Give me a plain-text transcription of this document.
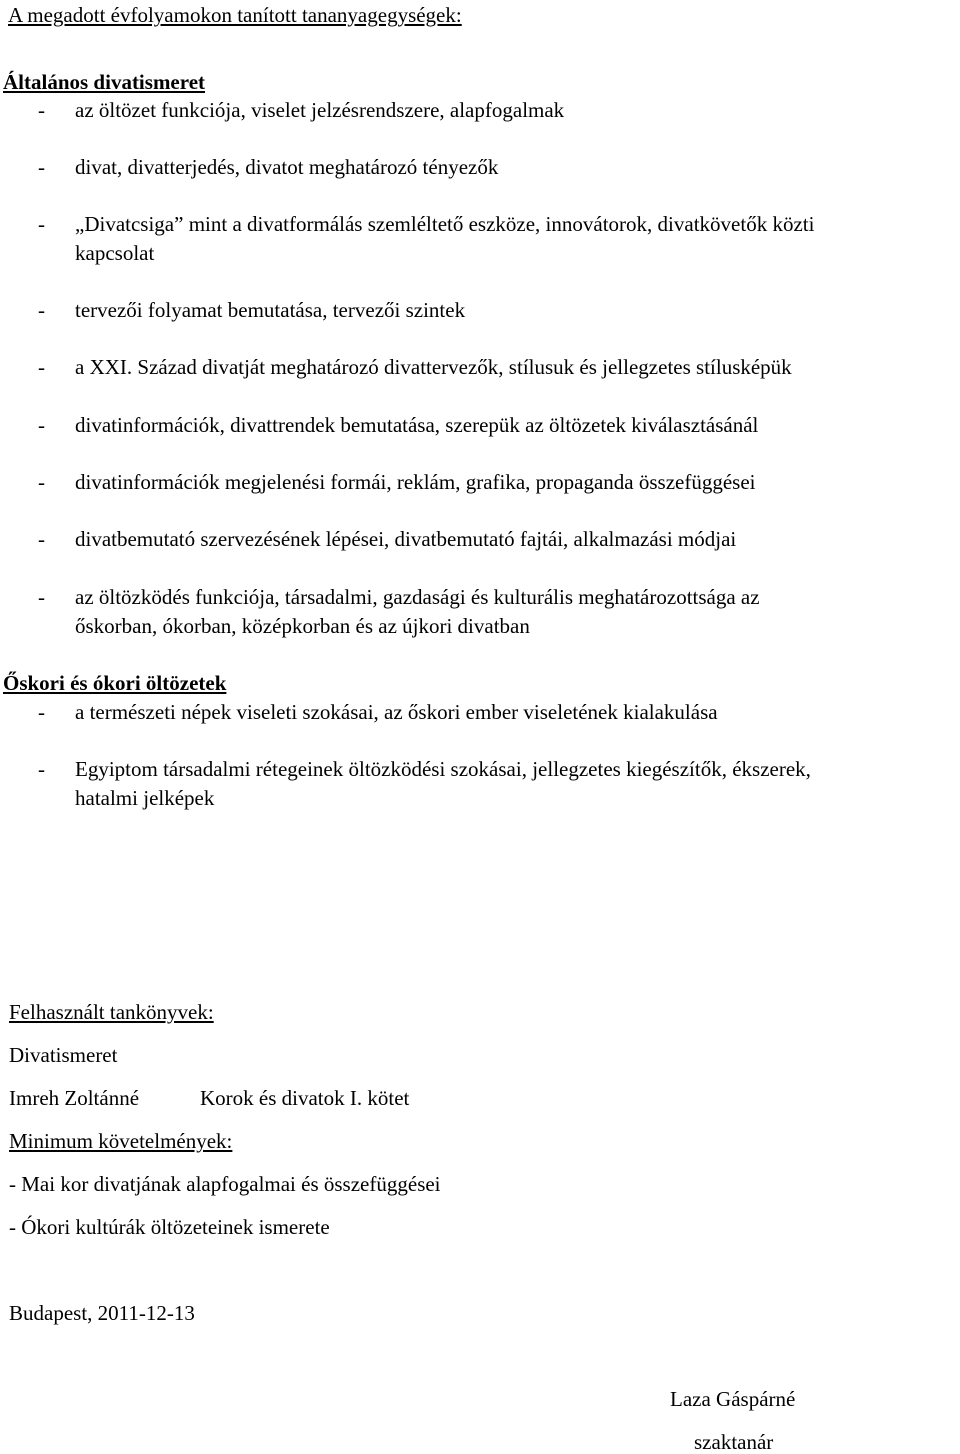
A megadott évfolyamokon tanított tananyagegységek:
Általános divatismeret
- az öltözet funkciója, viselet jelzésrendszere, alapfogalmak
- divat, divatterjedés, divatot meghatározó tényezők
- „Divatcsiga” mint a divatformálás szemléltető eszköze, innovátorok, divatkövetők közti
kapcsolat
- tervezői folyamat bemutatása, tervezői szintek
- a XXI. Század divatját meghatározó divattervezők, stílusuk és jellegzetes stílusképük
- divatinformációk, divattrendek bemutatása, szerepük az öltözetek kiválasztásánál
- divatinformációk megjelenési formái, reklám, grafika, propaganda összefüggései
- divatbemutató szervezésének lépései, divatbemutató fajtái, alkalmazási módjai
- az öltözködés funkciója, társadalmi, gazdasági és kulturális meghatározottsága az
őskorban, ókorban, középkorban és az újkori divatban
Őskori és ókori öltözetek
- a természeti népek viseleti szokásai, az őskori ember viseletének kialakulása
- Egyiptom társadalmi rétegeinek öltözködési szokásai, jellegzetes kiegészítők, ékszerek,
hatalmi jelképek
Felhasznált tankönyvek:
Divatismeret
Imreh Zoltánné	Korok és divatok I. kötet
Minimum követelmények:
- Mai kor divatjának alapfogalmai és összefüggései
- Ókori kultúrák öltözeteinek ismerete
Budapest, 2011-12-13
Laza Gáspárné
szaktanár
